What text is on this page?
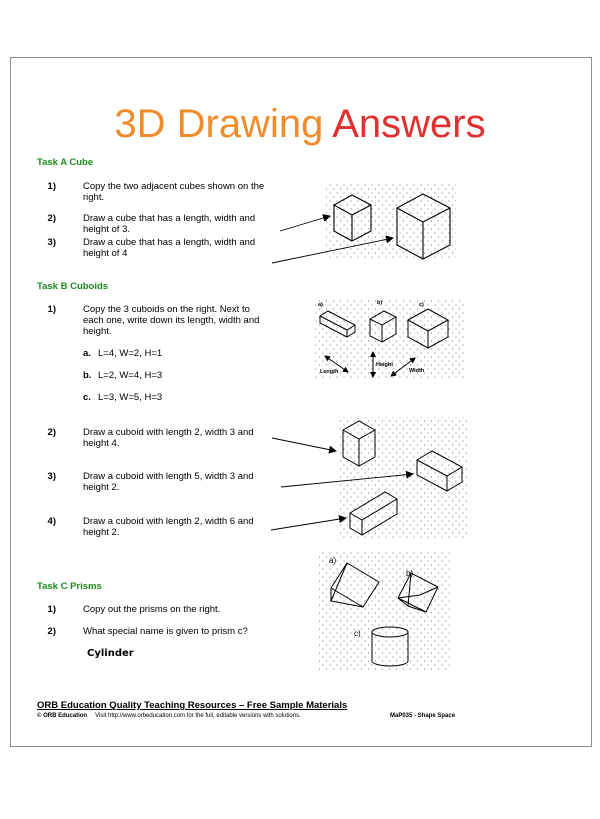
3D Drawing Answers
Task A Cube
1)	Copy the two adjacent cubes shown on the right.
2)	Draw a cube that has a length, width and height of 3.
3)	Draw a cube that has a length, width and height of 4
Task B Cuboids
1)	Copy the 3 cuboids on the right. Next to each one, write down its length, width and height.
a. L=4, W=2, H=1
b. L=2, W=4, H=3
c. L=3, W=5, H=3
2)	Draw a cuboid with length 2, width 3 and height 4.
3)	Draw a cuboid with length 5, width 3 and height 2.
4)	Draw a cuboid with length 2, width 6 and height 2.
Task C Prisms
1)	Copy out the prisms on the right.
2)	What special name is given to prism c?
Cylinder
ORB Education Quality Teaching Resources – Free Sample Materials
© ORB Education Visit http://www.orbeducation.com for the full, editable versions with solutions.	MaP035 - Shape Space
a)	b)	c)
Length
Height
Width
a)
b)
c)
